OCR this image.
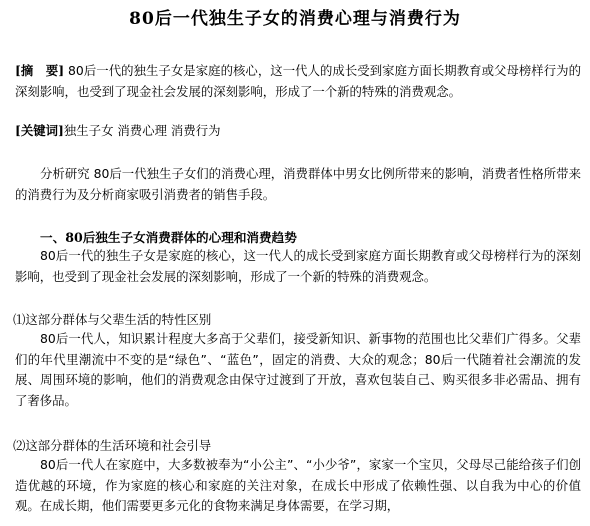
80后一代独生子女的消费心理与消费行为
[摘　要] 80后一代的独生子女是家庭的核心，这一代人的成长受到家庭方面长期教育或父母榜样行为的深刻影响，也受到了现金社会发展的深刻影响，形成了一个新的特殊的消费观念。
[关键词]独生子女 消费心理 消费行为
分析研究 80后一代独生子女们的消费心理，消费群体中男女比例所带来的影响，消费者性格所带来的消费行为及分析商家吸引消费者的销售手段。
一、80后独生子女消费群体的心理和消费趋势
80后一代的独生子女是家庭的核心，这一代人的成长受到家庭方面长期教育或父母榜样行为的深刻影响，也受到了现金社会发展的深刻影响，形成了一个新的特殊的消费观念。
⑴这部分群体与父辈生活的特性区别
80后一代人，知识累计程度大多高于父辈们，接受新知识、新事物的范围也比父辈们广得多。父辈们的年代里潮流中不变的是“绿色”、“蓝色”，固定的消费、大众的观念；80后一代随着社会潮流的发展、周围环境的影响，他们的消费观念由保守过渡到了开放，喜欢包装自己、购买很多非必需品、拥有了奢侈品。
⑵这部分群体的生活环境和社会引导
80后一代人在家庭中，大多数被奉为“小公主”、“小少爷”，家家一个宝贝，父母尽己能给孩子们创造优越的环境，作为家庭的核心和家庭的关注对象，在成长中形成了依赖性强、以自我为中心的价值观。在成长期，他们需要更多元化的食物来满足身体需要，在学习期，
